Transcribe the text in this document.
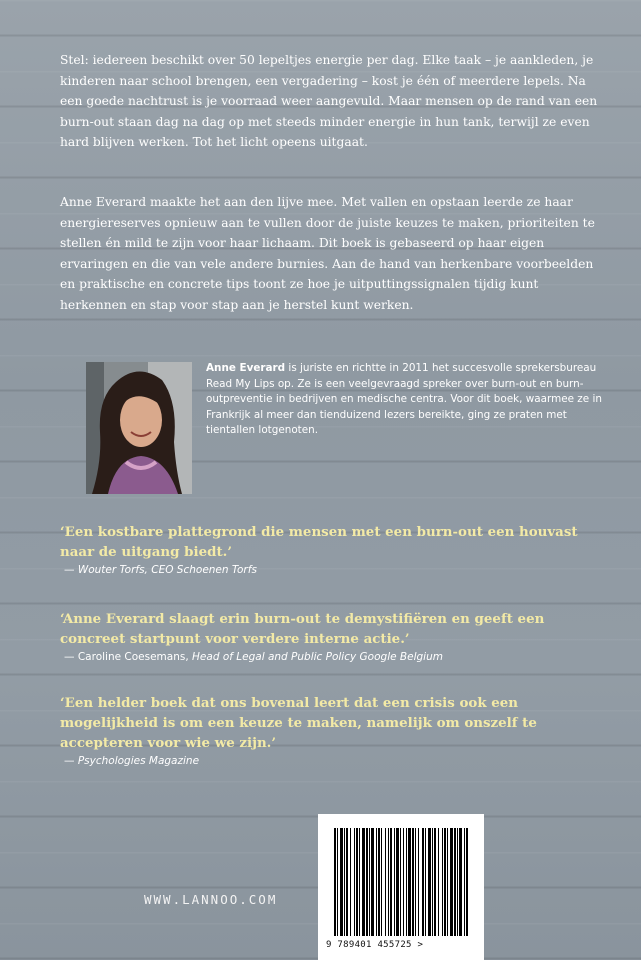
Stel: iedereen beschikt over 50 lepeltjes energie per dag. Elke taak – je aankleden, je kinderen naar school brengen, een vergadering – kost je één of meerdere lepels. Na een goede nachtrust is je voorraad weer aangevuld. Maar mensen op de rand van een burn-out staan dag na dag op met steeds minder energie in hun tank, terwijl ze even hard blijven werken. Tot het licht opeens uitgaat.

Anne Everard maakte het aan den lijve mee. Met vallen en opstaan leerde ze haar energiereserves opnieuw aan te vullen door de juiste keuzes te maken, prioriteiten te stellen én mild te zijn voor haar lichaam. Dit boek is gebaseerd op haar eigen ervaringen en die van vele andere burnies. Aan de hand van herkenbare voorbeelden en praktische en concrete tips toont ze hoe je uitputtingssignalen tijdig kunt herkennen en stap voor stap aan je herstel kunt werken.

Anne Everard is juriste en richtte in 2011 het succesvolle sprekersbureau Read My Lips op. Ze is een veelgevraagd spreker over burn-out en burn-outpreventie in bedrijven en medische centra. Voor dit boek, waarmee ze in Frankrijk al meer dan tienduizend lezers bereikte, ging ze praten met tientallen lotgenoten.

‘Een kostbare plattegrond die mensen met een burn-out een houvast naar de uitgang biedt.’

— Wouter Torfs, CEO Schoenen Torfs

‘Anne Everard slaagt erin burn-out te demystifiëren en geeft een concreet startpunt voor verdere interne actie.’

— Caroline Coesemans, Head of Legal and Public Policy Google Belgium

‘Een helder boek dat ons bovenal leert dat een crisis ook een mogelijkheid is om een keuze te maken, namelijk om onszelf te accepteren voor wie we zijn.’

— Psychologies Magazine

WWW.LANNOO.COM
9 789401 455725 >
